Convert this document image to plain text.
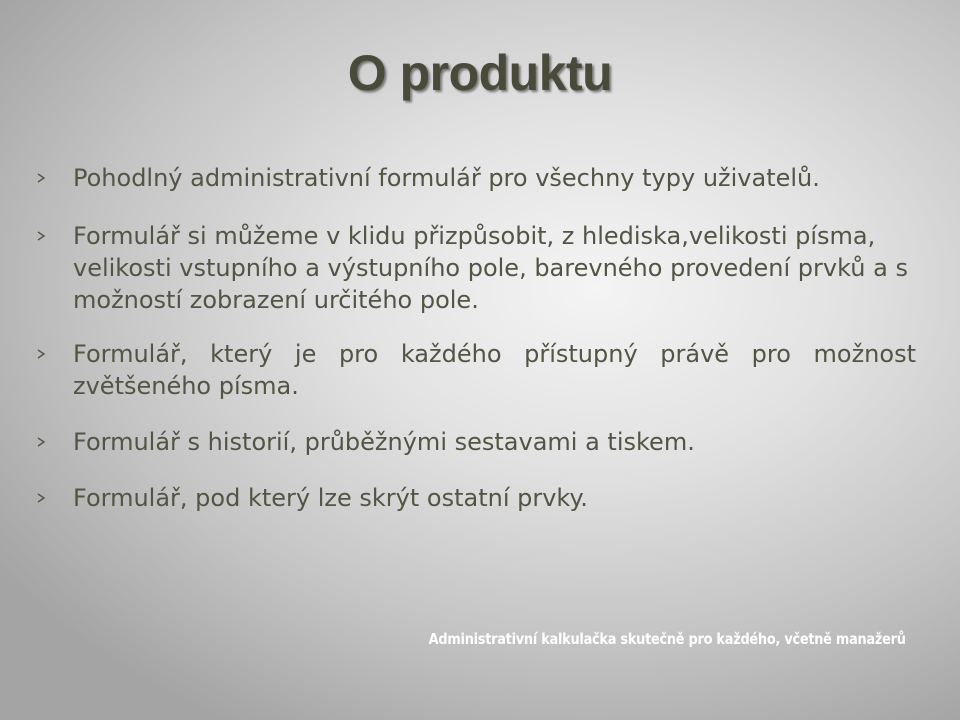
O produktu
Pohodlný administrativní formulář pro všechny typy uživatelů.
Formulář si můžeme v klidu přizpůsobit, z hlediska,velikosti písma, velikosti vstupního a výstupního pole, barevného provedení prvků a s možností zobrazení určitého pole.
Formulář, který je pro každého přístupný právě pro možnost zvětšeného písma.
Formulář s historií, průběžnými sestavami a tiskem.
Formulář, pod který lze skrýt ostatní prvky.
Administrativní kalkulačka skutečně pro každého, včetně manažerů
